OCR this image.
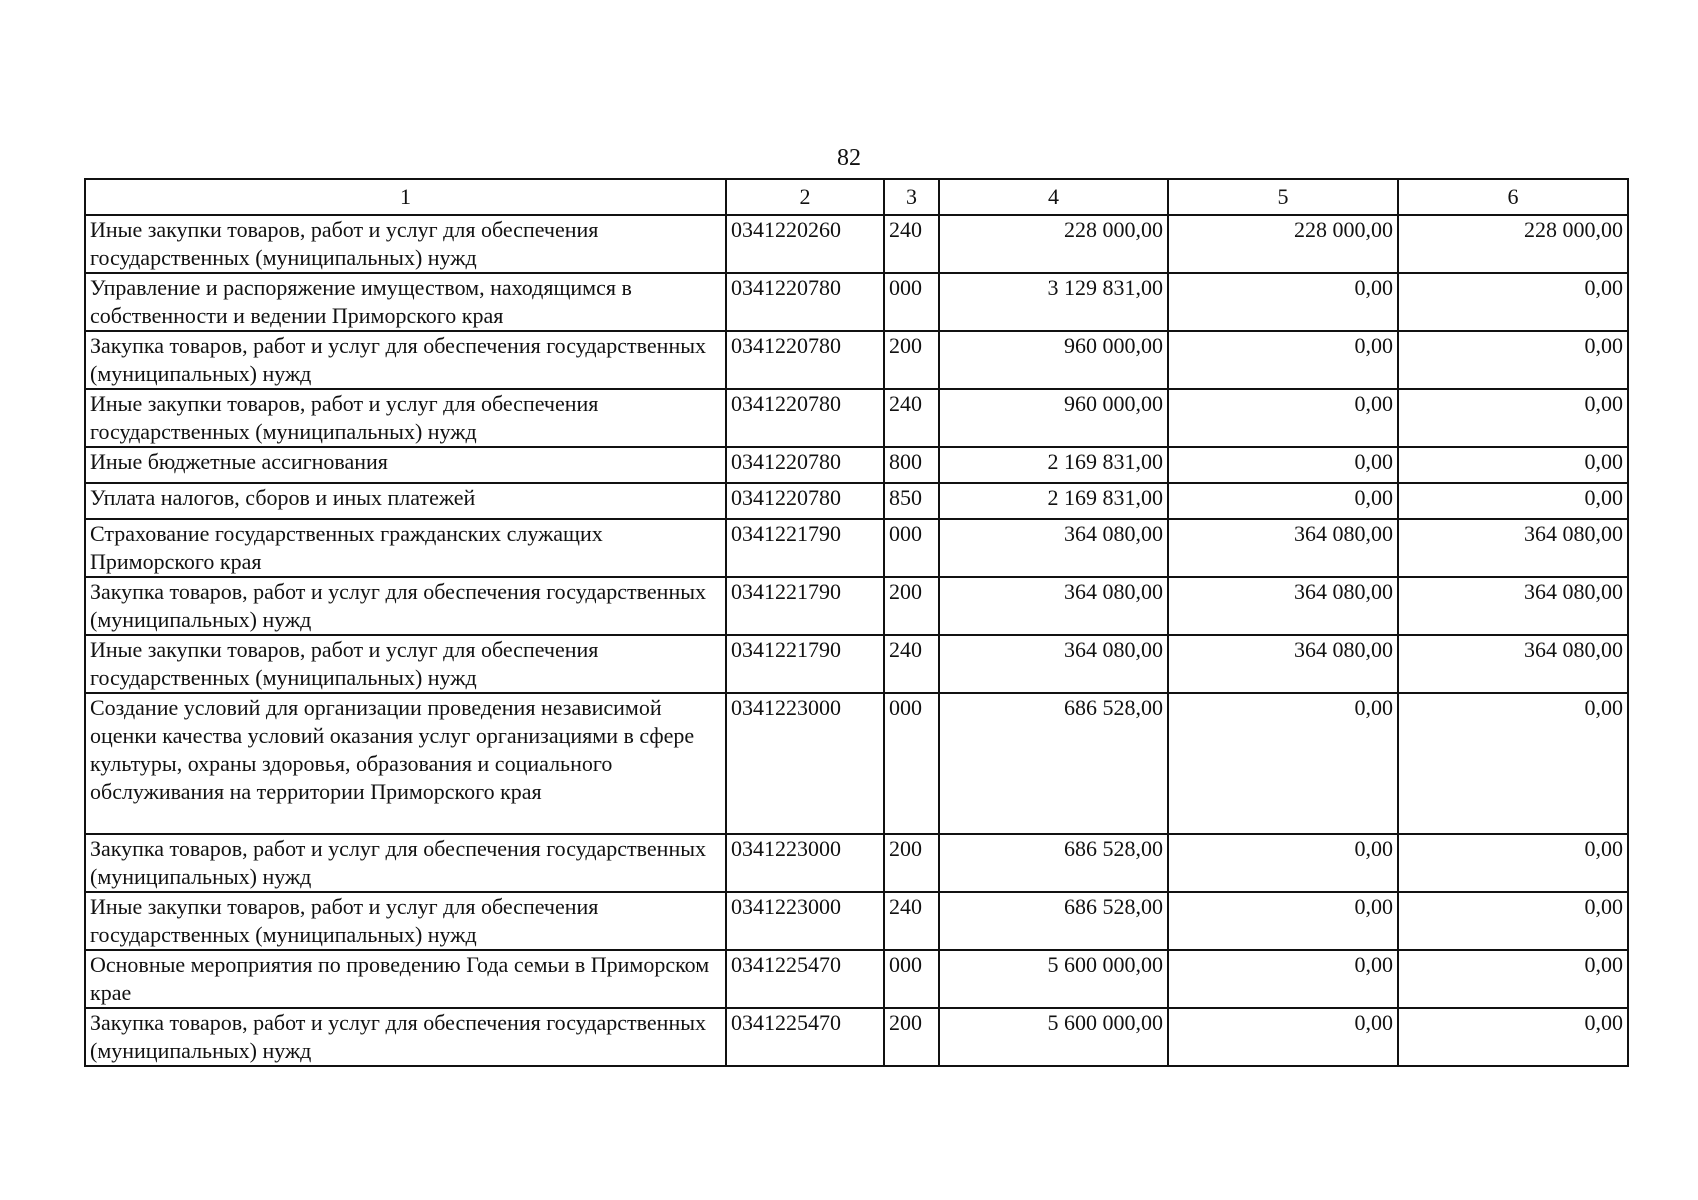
82
1	2	3	4	5	6
Иные закупки товаров, работ и услуг для обеспечения государственных (муниципальных) нужд	0341220260	240	228 000,00	228 000,00	228 000,00
Управление и распоряжение имуществом, находящимся в собственности и ведении Приморского края	0341220780	000	3 129 831,00	0,00	0,00
Закупка товаров, работ и услуг для обеспечения государственных (муниципальных) нужд	0341220780	200	960 000,00	0,00	0,00
Иные закупки товаров, работ и услуг для обеспечения государственных (муниципальных) нужд	0341220780	240	960 000,00	0,00	0,00
Иные бюджетные ассигнования	0341220780	800	2 169 831,00	0,00	0,00
Уплата налогов, сборов и иных платежей	0341220780	850	2 169 831,00	0,00	0,00
Страхование государственных гражданских служащих Приморского края	0341221790	000	364 080,00	364 080,00	364 080,00
Закупка товаров, работ и услуг для обеспечения государственных (муниципальных) нужд	0341221790	200	364 080,00	364 080,00	364 080,00
Иные закупки товаров, работ и услуг для обеспечения государственных (муниципальных) нужд	0341221790	240	364 080,00	364 080,00	364 080,00
Создание условий для организации проведения независимой оценки качества условий оказания услуг организациями в сфере культуры, охраны здоровья, образования и социального обслуживания на территории Приморского края	0341223000	000	686 528,00	0,00	0,00
Закупка товаров, работ и услуг для обеспечения государственных (муниципальных) нужд	0341223000	200	686 528,00	0,00	0,00
Иные закупки товаров, работ и услуг для обеспечения государственных (муниципальных) нужд	0341223000	240	686 528,00	0,00	0,00
Основные мероприятия по проведению Года семьи в Приморском крае	0341225470	000	5 600 000,00	0,00	0,00
Закупка товаров, работ и услуг для обеспечения государственных (муниципальных) нужд	0341225470	200	5 600 000,00	0,00	0,00
